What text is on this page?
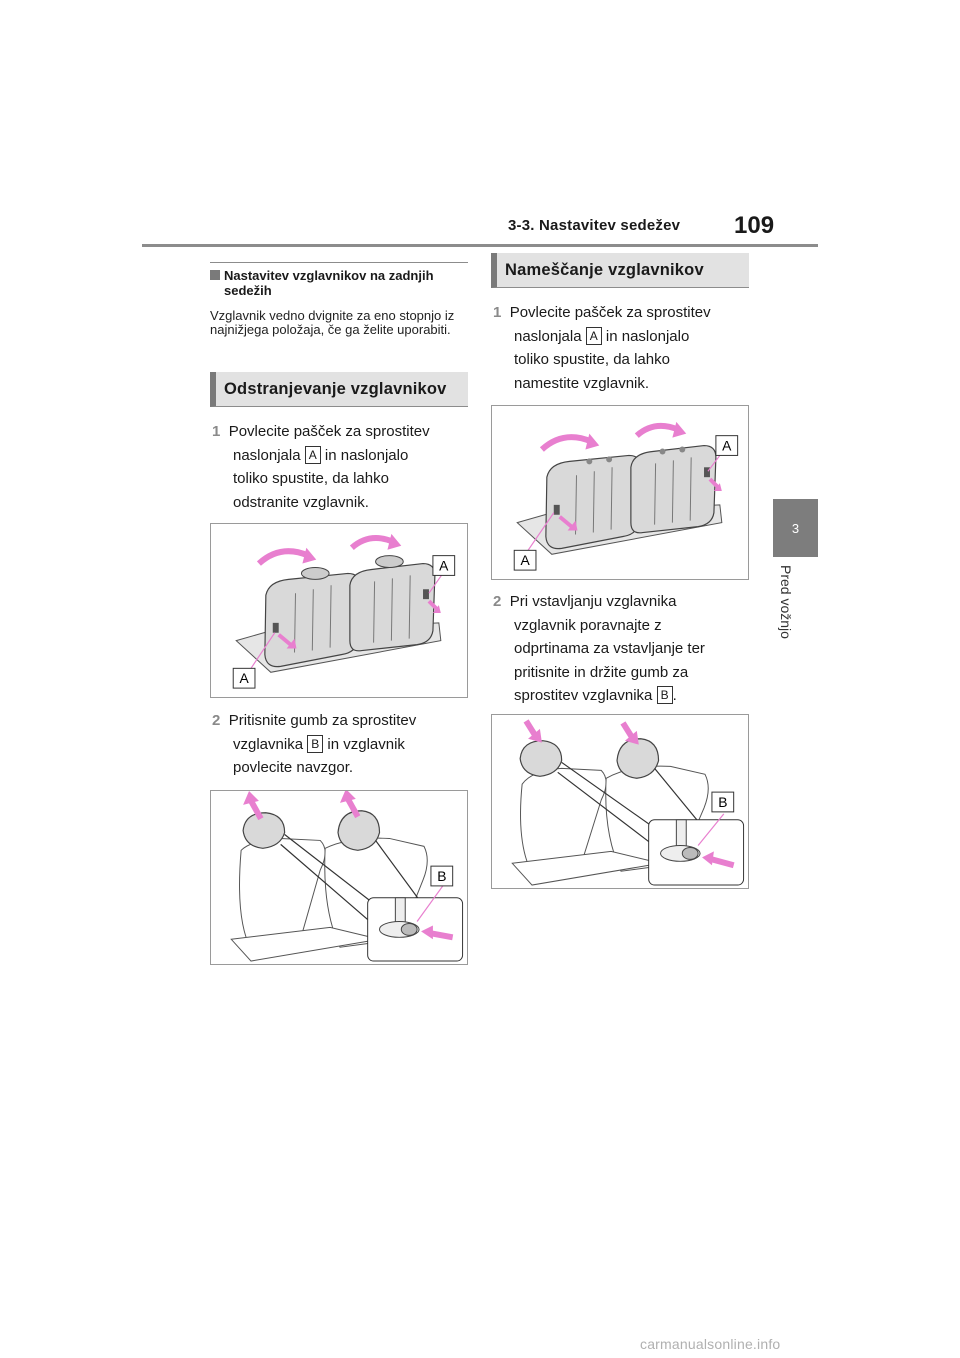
3-3. Nastavitev sedežev 109
3
Pred vožnjo
Nastavitev vzglavnikov na zadnjih
sedežih
Vzglavnik vedno dvignite za eno stopnjo iz najnižjega položaja, če ga želite uporabiti.
Odstranjevanje vzglavnikov
1 Povlecite pašček za sprostitev
naslonjala A in naslonjalo
toliko spustite, da lahko
odstranite vzglavnik.
A
A
2 Pritisnite gumb za sprostitev
vzglavnika B in vzglavnik
povlecite navzgor.
B
Nameščanje vzglavnikov
1 Povlecite pašček za sprostitev
naslonjala A in naslonjalo
toliko spustite, da lahko
namestite vzglavnik.
A
A
2 Pri vstavljanju vzglavnika
vzglavnik poravnajte z
odprtinama za vstavljanje ter
pritisnite in držite gumb za
sprostitev vzglavnika B .
B
carmanualsonline.info
